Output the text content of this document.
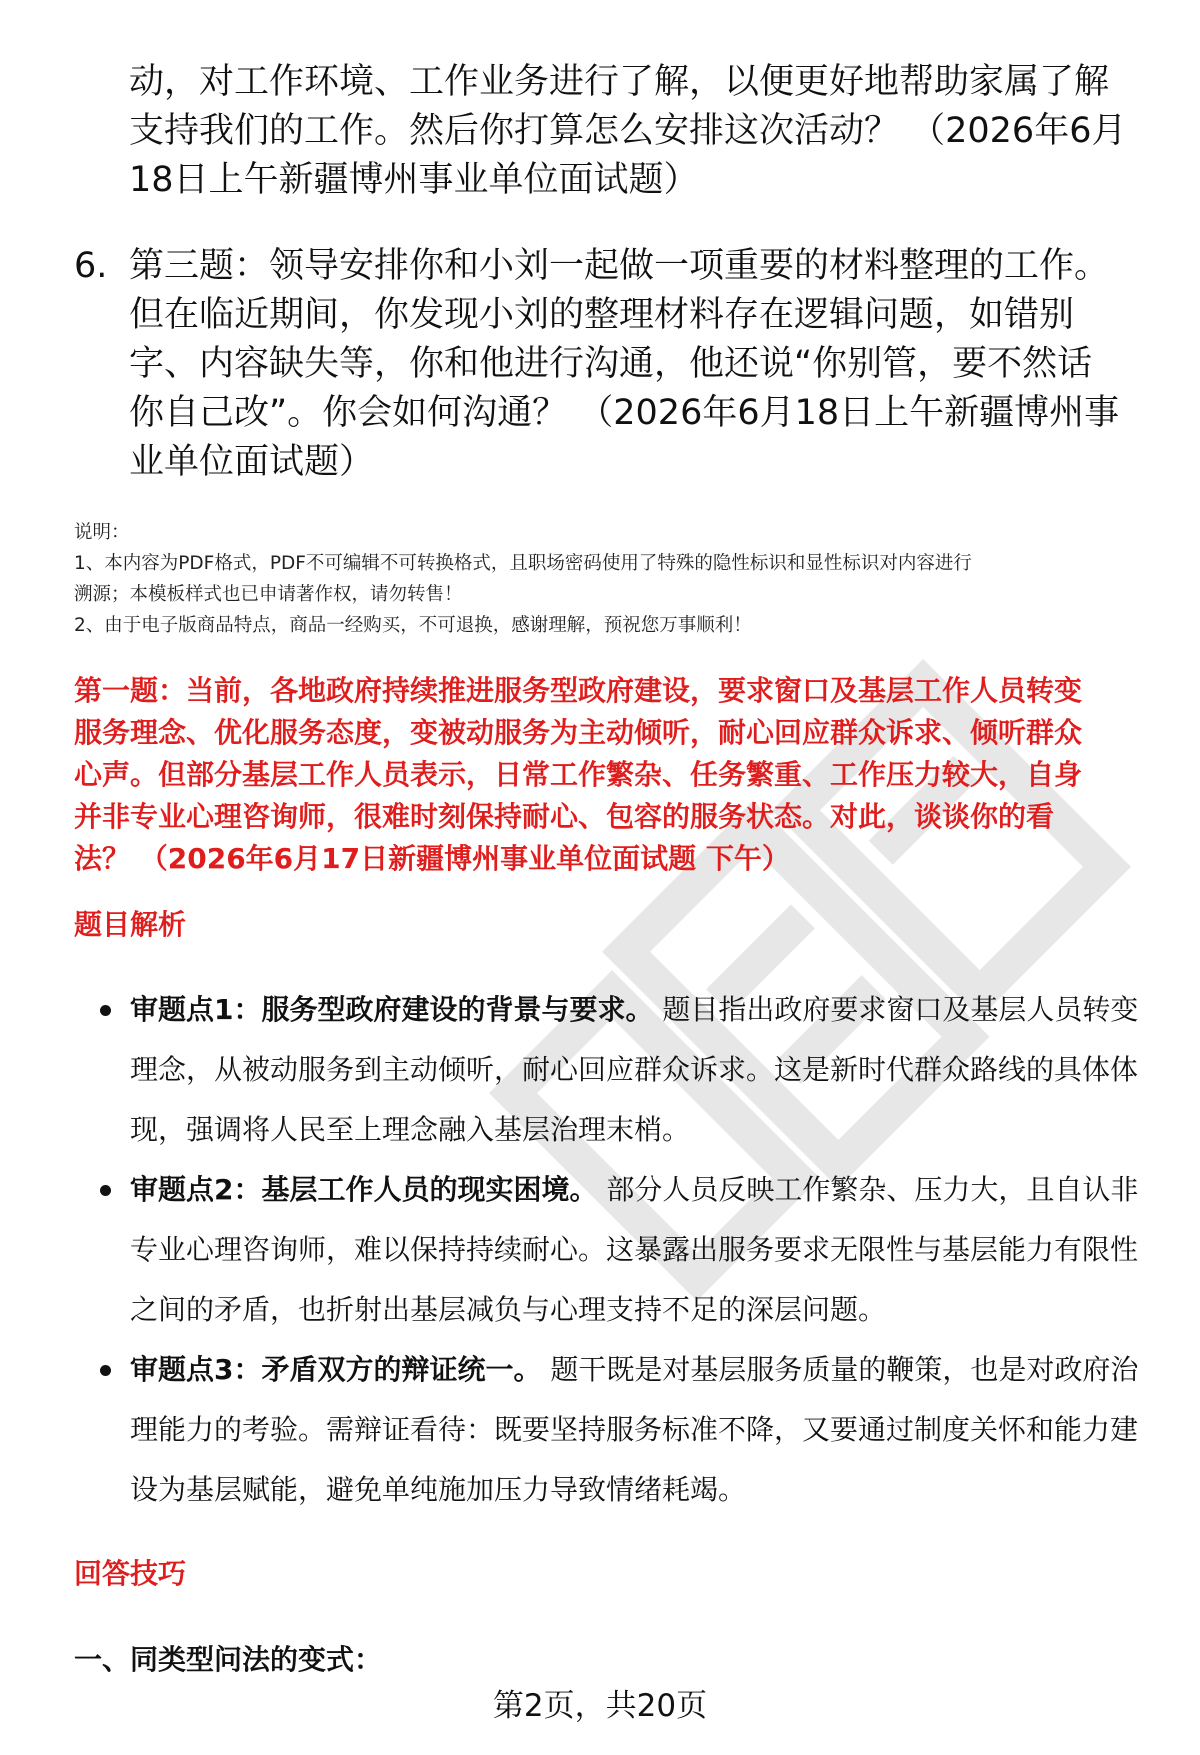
动，对工作环境、工作业务进行了解，以便更好地帮助家属了解
支持我们的工作。然后你打算怎么安排这次活动？ （2026年6月
18日上午新疆博州事业单位面试题）
6. 第三题：领导安排你和小刘一起做一项重要的材料整理的工作。
但在临近期间，你发现小刘的整理材料存在逻辑问题，如错别
字、内容缺失等，你和他进行沟通，他还说“你别管，要不然话
你自己改”。你会如何沟通？ （2026年6月18日上午新疆博州事
业单位面试题）
说明：
1、本内容为PDF格式，PDF不可编辑不可转换格式，且职场密码使用了特殊的隐性标识和显性标识对内容进行
溯源；本模板样式也已申请著作权，请勿转售！
2、由于电子版商品特点，商品一经购买，不可退换，感谢理解，预祝您万事顺利！
第一题：当前，各地政府持续推进服务型政府建设，要求窗口及基层工作人员转变
服务理念、优化服务态度，变被动服务为主动倾听，耐心回应群众诉求、倾听群众
心声。但部分基层工作人员表示，日常工作繁杂、任务繁重、工作压力较大，自身
并非专业心理咨询师，很难时刻保持耐心、包容的服务状态。对此，谈谈你的看
法？ （2026年6月17日新疆博州事业单位面试题 下午）
题目解析
审题点1：服务型政府建设的背景与要求。 题目指出政府要求窗口及基层人员转变理念，从被动服务到主动倾听，耐心回应群众诉求。这是新时代群众路线的具体体现，强调将人民至上理念融入基层治理末梢。
审题点2：基层工作人员的现实困境。 部分人员反映工作繁杂、压力大，且自认非专业心理咨询师，难以保持持续耐心。这暴露出服务要求无限性与基层能力有限性之间的矛盾，也折射出基层减负与心理支持不足的深层问题。
审题点3：矛盾双方的辩证统一。 题干既是对基层服务质量的鞭策，也是对政府治理能力的考验。需辩证看待：既要坚持服务标准不降，又要通过制度关怀和能力建设为基层赋能，避免单纯施加压力导致情绪耗竭。
回答技巧
一、同类型问法的变式：
第2页，共20页
